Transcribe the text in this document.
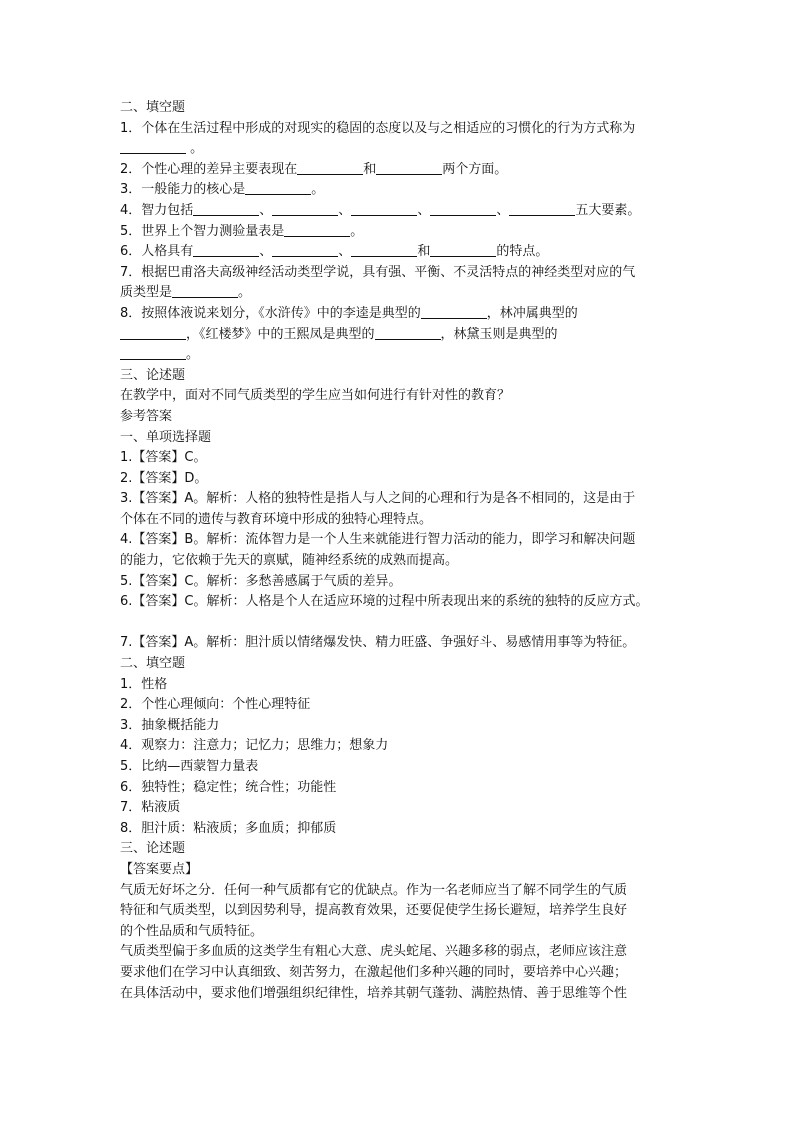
二、填空题
1．个体在生活过程中形成的对现实的稳固的态度以及与之相适应的习惯化的行为方式称为
。
2．个性心理的差异主要表现在	和	两个方面。
3．一般能力的核心是	。
4．智力包括	、	、	、	、	五大要素。
5．世界上个智力测验量表是	。
6．人格具有	、	、	和	的特点。
7．根据巴甫洛夫高级神经活动类型学说，具有强、平衡、不灵活特点的神经类型对应的气
质类型是	。
8．按照体液说来划分，《水浒传》中的李逵是典型的	，林冲属典型的
，《红楼梦》中的王熙凤是典型的	，林黛玉则是典型的
。
三、论述题
在教学中，面对不同气质类型的学生应当如何进行有针对性的教育？
参考答案
一、单项选择题
1.【答案】C。
2.【答案】D。
3.【答案】A。解析：人格的独特性是指人与人之间的心理和行为是各不相同的，这是由于
个体在不同的遗传与教育环境中形成的独特心理特点。
4.【答案】B。解析：流体智力是一个人生来就能进行智力活动的能力，即学习和解决问题
的能力，它依赖于先天的禀赋，随神经系统的成熟而提高。
5.【答案】C。解析：多愁善感属于气质的差异。
6.【答案】C。解析：人格是个人在适应环境的过程中所表现出来的系统的独特的反应方式。
7.【答案】A。解析：胆汁质以情绪爆发快、精力旺盛、争强好斗、易感情用事等为特征。
二、填空题
1．性格
2．个性心理倾向：个性心理特征
3．抽象概括能力
4．观察力：注意力；记忆力；思维力；想象力
5．比纳—西蒙智力量表
6．独特性；稳定性；统合性；功能性
7．粘液质
8．胆汁质：粘液质；多血质；抑郁质
三、论述题
【答案要点】
气质无好坏之分．任何一种气质都有它的优缺点。作为一名老师应当了解不同学生的气质
特征和气质类型，以到因势利导，提高教育效果，还要促使学生扬长避短，培养学生良好
的个性品质和气质特征。
气质类型偏于多血质的这类学生有粗心大意、虎头蛇尾、兴趣多移的弱点，老师应该注意
要求他们在学习中认真细致、刻苦努力，在激起他们多种兴趣的同时，要培养中心兴趣；
在具体活动中，要求他们增强组织纪律性，培养其朝气蓬勃、满腔热情、善于思维等个性
